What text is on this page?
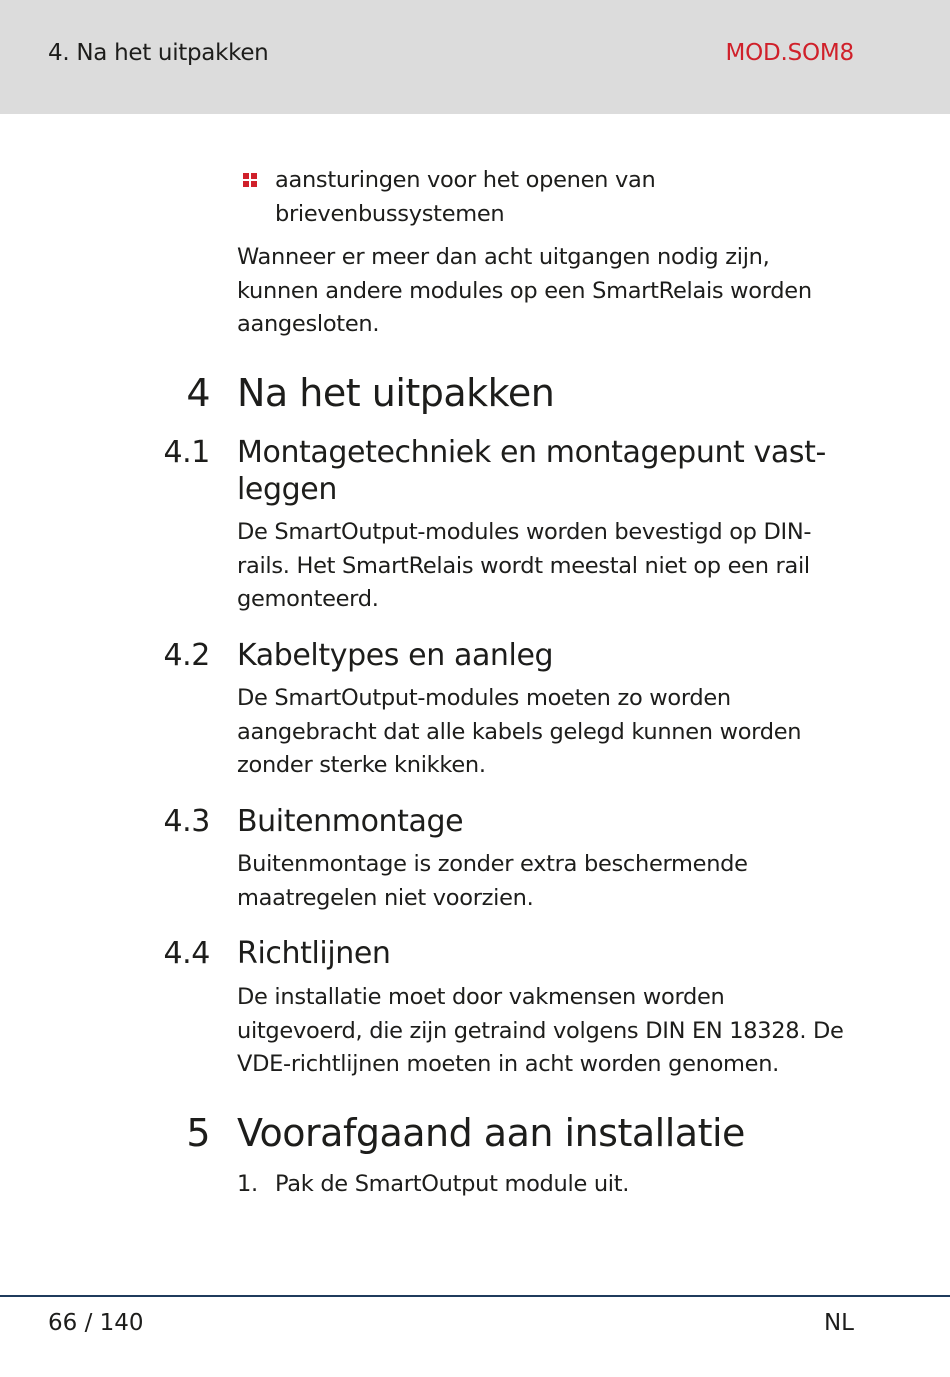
4. Na het uitpakken	MOD.SOM8
aansturingen voor het openen van brievenbussystemen
Wanneer er meer dan acht uitgangen nodig zijn, kunnen andere modules op een SmartRelais worden aangesloten.
4 Na het uitpakken
4.1 Montagetechniek en montagepunt vast-leggen
De SmartOutput-modules worden bevestigd op DIN-rails. Het SmartRelais wordt meestal niet op een rail gemonteerd.
4.2 Kabeltypes en aanleg
De SmartOutput-modules moeten zo worden aangebracht dat alle kabels gelegd kunnen worden zonder sterke knikken.
4.3 Buitenmontage
Buitenmontage is zonder extra beschermende maatregelen niet voorzien.
4.4 Richtlijnen
De installatie moet door vakmensen worden uitgevoerd, die zijn getraind volgens DIN EN 18328. De VDE-richtlijnen moeten in acht worden genomen.
5 Voorafgaand aan installatie
1. Pak de SmartOutput module uit.
66 / 140	NL
